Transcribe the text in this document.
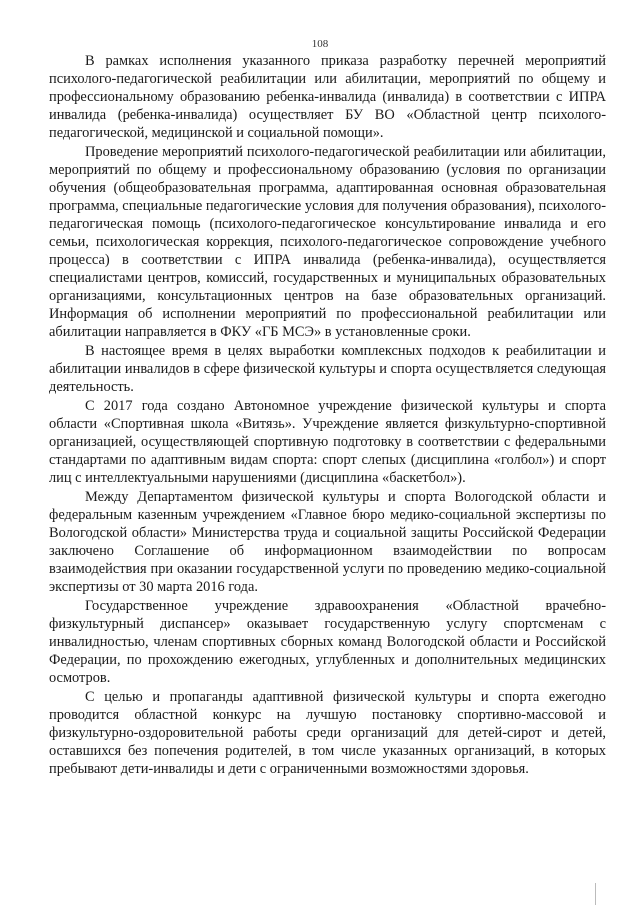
108

В рамках исполнения указанного приказа разработку перечней мероприятий психолого-педагогической реабилитации или абилитации, мероприятий по общему и профессиональному образованию ребенка-инвалида (инвалида) в соответствии с ИПРА инвалида (ребенка-инвалида) осуществляет БУ ВО «Областной центр психолого-педагогической, медицинской и социальной помощи».

Проведение мероприятий психолого-педагогической реабилитации или абилитации, мероприятий по общему и профессиональному образованию (условия по организации обучения (общеобразовательная программа, адаптированная основная образовательная программа, специальные педагогические условия для получения образования), психолого-педагогическая помощь (психолого-педагогическое консультирование инвалида и его семьи, психологическая коррекция, психолого-педагогическое сопровождение учебного процесса) в соответствии с ИПРА инвалида (ребенка-инвалида), осуществляется специалистами центров, комиссий, государственных и муниципальных образовательных организациями, консультационных центров на базе образовательных организаций. Информация об исполнении мероприятий по профессиональной реабилитации или абилитации направляется в ФКУ «ГБ МСЭ» в установленные сроки.

В настоящее время в целях выработки комплексных подходов к реабилитации и абилитации инвалидов в сфере физической культуры и спорта осуществляется следующая деятельность.

С 2017 года создано Автономное учреждение физической культуры и спорта области «Спортивная школа «Витязь». Учреждение является физкультурно-спортивной организацией, осуществляющей спортивную подготовку в соответствии с федеральными стандартами по адаптивным видам спорта: спорт слепых (дисциплина «голбол») и спорт лиц с интеллектуальными нарушениями (дисциплина «баскетбол»).

Между Департаментом физической культуры и спорта Вологодской области и федеральным казенным учреждением «Главное бюро медико-социальной экспертизы по Вологодской области» Министерства труда и социальной защиты Российской Федерации заключено Соглашение об информационном взаимодействии по вопросам взаимодействия при оказании государственной услуги по проведению медико-социальной экспертизы от 30 марта 2016 года.

Государственное учреждение здравоохранения «Областной врачебно-физкультурный диспансер» оказывает государственную услугу спортсменам с инвалидностью, членам спортивных сборных команд Вологодской области и Российской Федерации, по прохождению ежегодных, углубленных и дополнительных медицинских осмотров.

С целью и пропаганды адаптивной физической культуры и спорта ежегодно проводится областной конкурс на лучшую постановку спортивно-массовой и физкультурно-оздоровительной работы среди организаций для детей-сирот и детей, оставшихся без попечения родителей, в том числе указанных организаций, в которых пребывают дети-инвалиды и дети с ограниченными возможностями здоровья.
